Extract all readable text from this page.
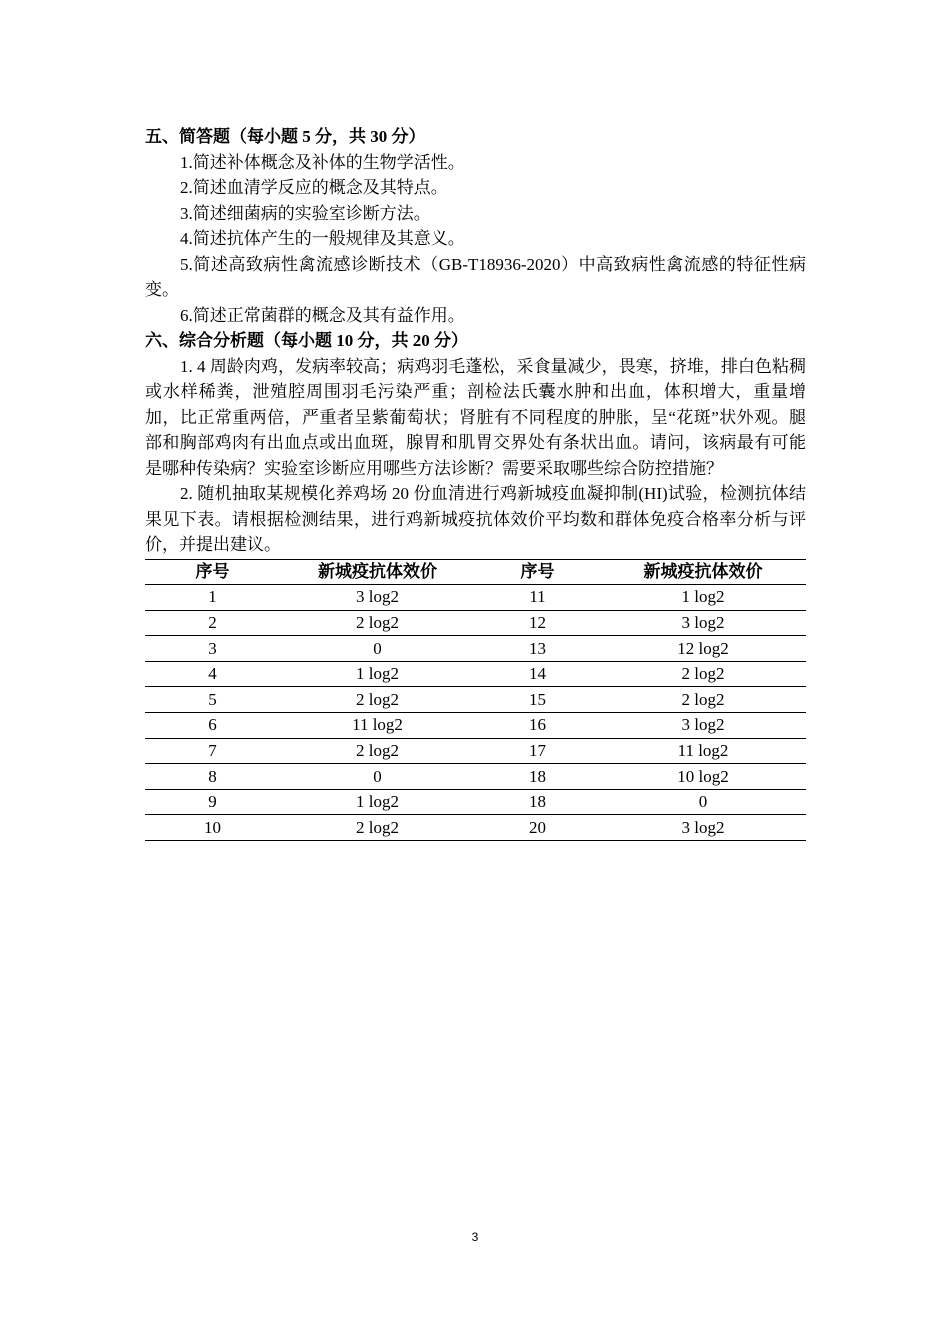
五、简答题（每小题 5 分，共 30 分）

1.简述补体概念及补体的生物学活性。

2.简述血清学反应的概念及其特点。

3.简述细菌病的实验室诊断方法。

4.简述抗体产生的一般规律及其意义。

5.简述高致病性禽流感诊断技术（GB-T18936-2020）中高致病性禽流感的特征性病变。

6.简述正常菌群的概念及其有益作用。

六、综合分析题（每小题 10 分，共 20 分）

1. 4 周龄肉鸡，发病率较高；病鸡羽毛蓬松，采食量减少，畏寒，挤堆，排白色粘稠或水样稀粪，泄殖腔周围羽毛污染严重；剖检法氏囊水肿和出血，体积增大，重量增加，比正常重两倍，严重者呈紫葡萄状；肾脏有不同程度的肿胀，呈“花斑”状外观。腿部和胸部鸡肉有出血点或出血斑，腺胃和肌胃交界处有条状出血。请问，该病最有可能是哪种传染病？实验室诊断应用哪些方法诊断？需要采取哪些综合防控措施？

2. 随机抽取某规模化养鸡场 20 份血清进行鸡新城疫血凝抑制(HI)试验，检测抗体结果见下表。请根据检测结果，进行鸡新城疫抗体效价平均数和群体免疫合格率分析与评价，并提出建议。

序号	新城疫抗体效价	序号	新城疫抗体效价
1	3 log2	11	1 log2
2	2 log2	12	3 log2
3	0	13	12 log2
4	1 log2	14	2 log2
5	2 log2	15	2 log2
6	11 log2	16	3 log2
7	2 log2	17	11 log2
8	0	18	10 log2
9	1 log2	18	0
10	2 log2	20	3 log2
3
